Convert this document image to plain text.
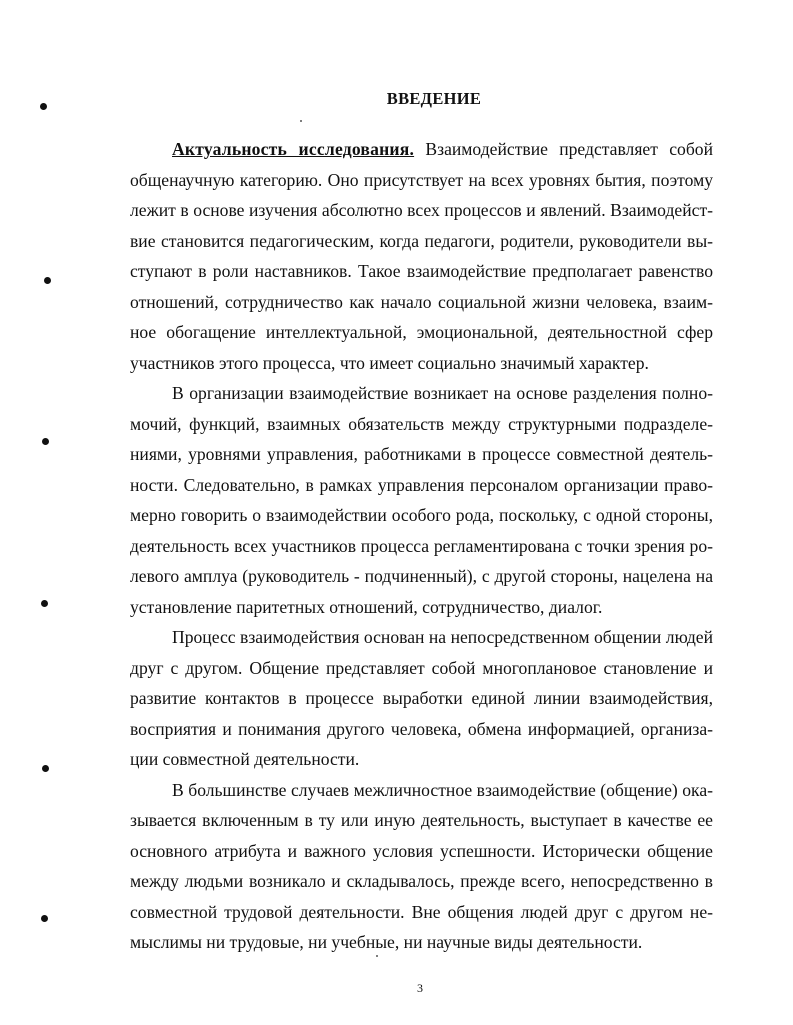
ВВЕДЕНИЕ

Актуальность исследования. Взаимодействие представляет собой общенаучную категорию. Оно присутствует на всех уровнях бытия, поэтому лежит в основе изучения абсолютно всех процессов и явлений. Взаимодействие становится педагогическим, когда педагоги, родители, руководители выступают в роли наставников. Такое взаимодействие предполагает равенство отношений, сотрудничество как начало социальной жизни человека, взаимное обогащение интеллектуальной, эмоциональной, деятельностной сфер участников этого процесса, что имеет социально значимый характер.

В организации взаимодействие возникает на основе разделения полномочий, функций, взаимных обязательств между структурными подразделениями, уровнями управления, работниками в процессе совместной деятельности. Следовательно, в рамках управления персоналом организации правомерно говорить о взаимодействии особого рода, поскольку, с одной стороны, деятельность всех участников процесса регламентирована с точки зрения ролевого амплуа (руководитель - подчиненный), с другой стороны, нацелена на установление паритетных отношений, сотрудничество, диалог.

Процесс взаимодействия основан на непосредственном общении людей друг с другом. Общение представляет собой многоплановое становление и развитие контактов в процессе выработки единой линии взаимодействия, восприятия и понимания другого человека, обмена информацией, организации совместной деятельности.

В большинстве случаев межличностное взаимодействие (общение) оказывается включенным в ту или иную деятельность, выступает в качестве ее основного атрибута и важного условия успешности. Исторически общение между людьми возникало и складывалось, прежде всего, непосредственно в совместной трудовой деятельности. Вне общения людей друг с другом немыслимы ни трудовые, ни учебные, ни научные виды деятельности.

3
